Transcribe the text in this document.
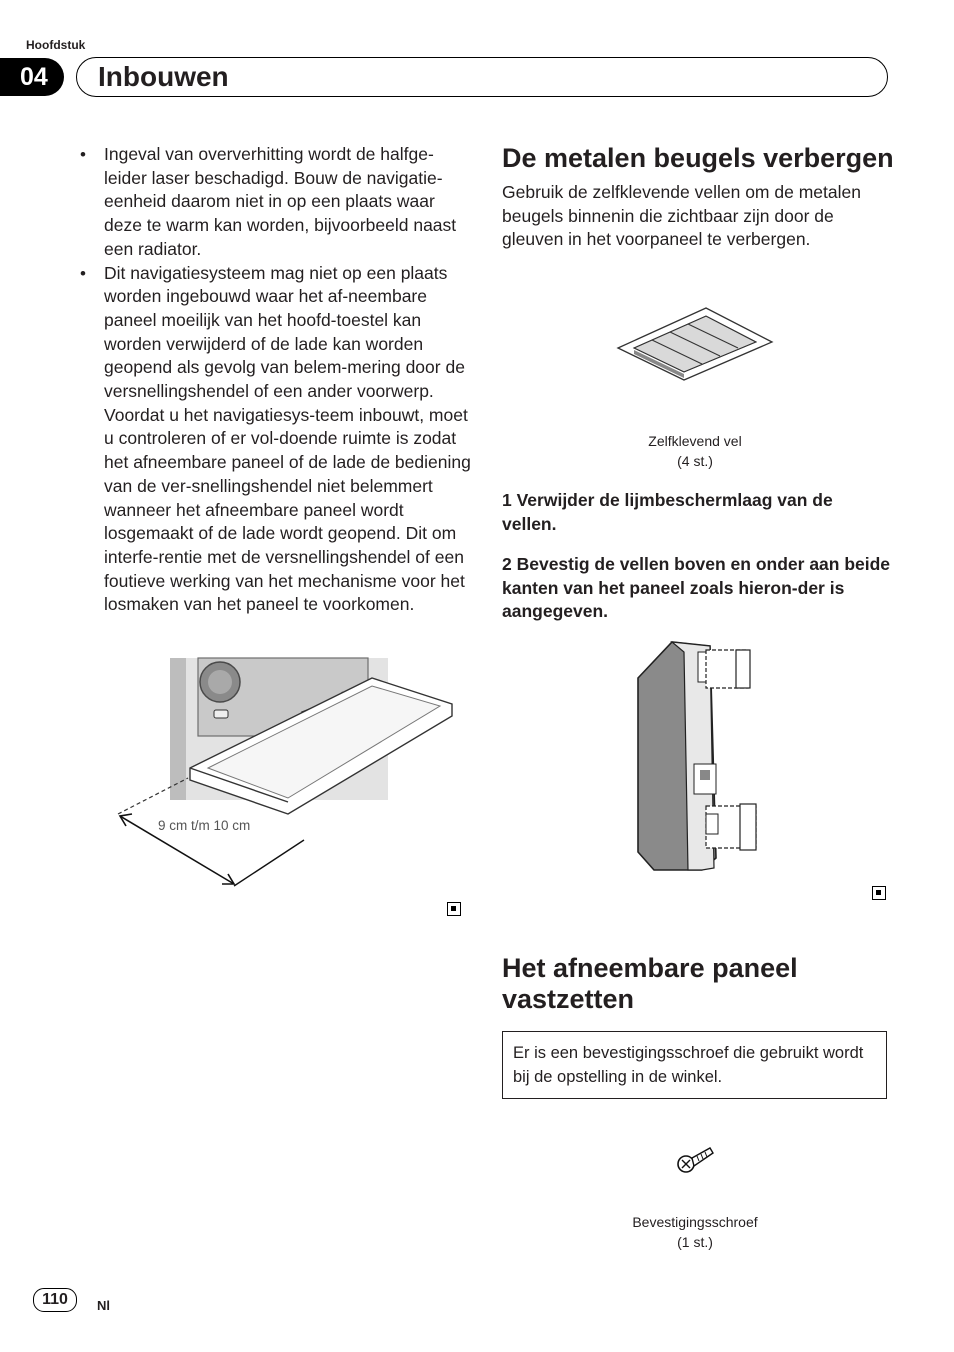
Hoofdstuk
04	Inbouwen
• Ingeval van oververhitting wordt de halfge-leider laser beschadigd. Bouw de navigatie-eenheid daarom niet in op een plaats waar deze te warm kan worden, bijvoorbeeld naast een radiator.
• Dit navigatiesysteem mag niet op een plaats worden ingebouwd waar het af-neembare paneel moeilijk van het hoofd-toestel kan worden verwijderd of de lade kan worden geopend als gevolg van belem-mering door de versnellingshendel of een ander voorwerp. Voordat u het navigatiesys-teem inbouwt, moet u controleren of er vol-doende ruimte is zodat het afneembare paneel of de lade de bediening van de ver-snellingshendel niet belemmert wanneer het afneembare paneel wordt losgemaakt of de lade wordt geopend. Dit om interfe-rentie met de versnellingshendel of een foutieve werking van het mechanisme voor het losmaken van het paneel te voorkomen.
9 cm t/m 10 cm
De metalen beugels verbergen

Gebruik de zelfklevende vellen om de metalen beugels binnenin die zichtbaar zijn door de gleuven in het voorpaneel te verbergen.

Zelfklevend vel
(4 st.)

1 Verwijder de lijmbeschermlaag van de vellen.

2 Bevestig de vellen boven en onder aan beide kanten van het paneel zoals hieron-der is aangegeven.

Het afneembare paneel vastzetten
Er is een bevestigingsschroef die gebruikt wordt bij de opstelling in de winkel.
Bevestigingsschroef
(1 st.)
110	Nl
